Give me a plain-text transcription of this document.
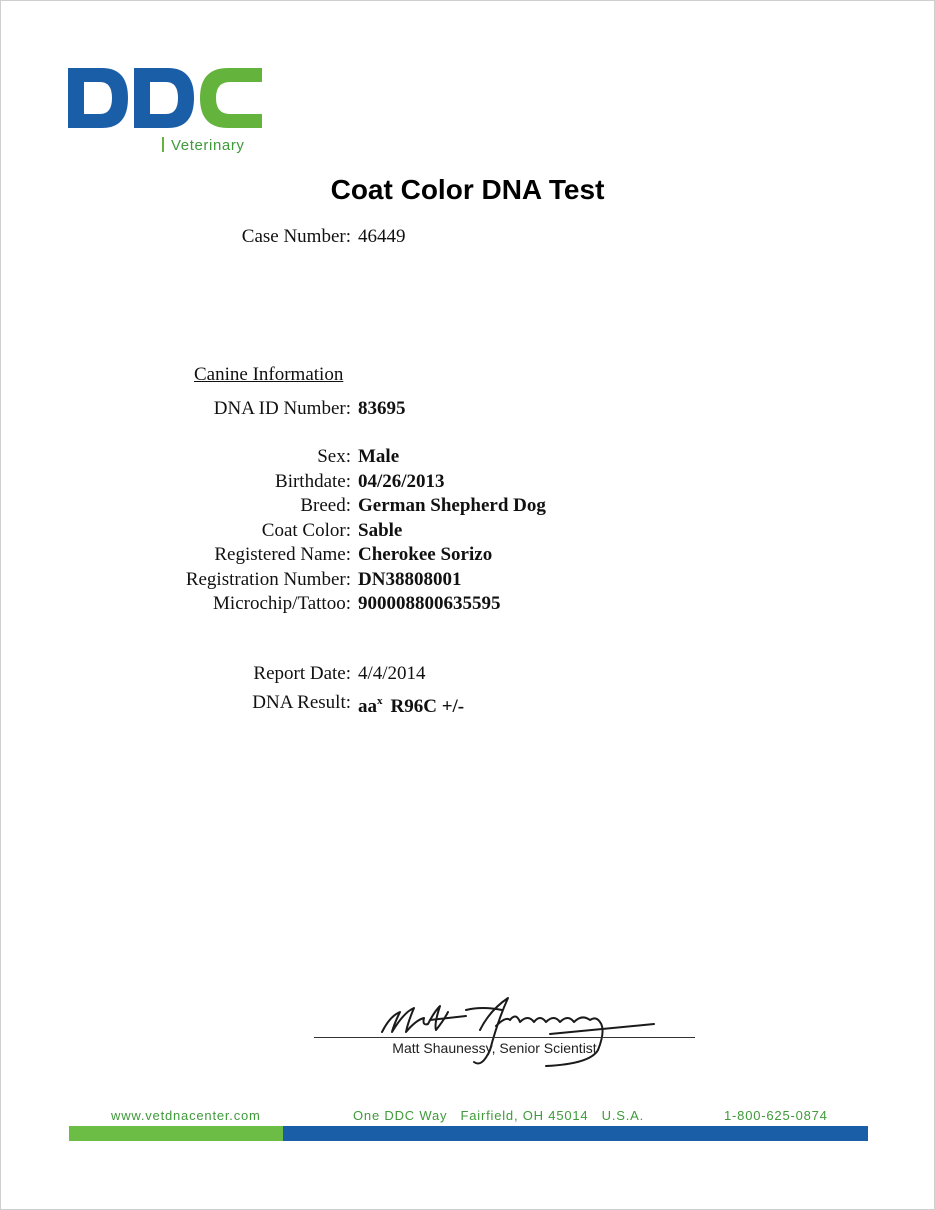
Veterinary
Coat Color DNA Test
Case Number: 46449
Canine Information
DNA ID Number: 83695
Sex: Male
Birthdate: 04/26/2013
Breed: German Shepherd Dog
Coat Color: Sable
Registered Name: Cherokee Sorizo
Registration Number: DN38808001
Microchip/Tattoo: 900008800635595
Report Date: 4/4/2014
DNA Result: $aa^x$ R96C +/-
Matt Shaunessy, Senior Scientist
www.vetdnacenter.com	One DDC Way   Fairfield, OH 45014   U.S.A.	1-800-625-0874
